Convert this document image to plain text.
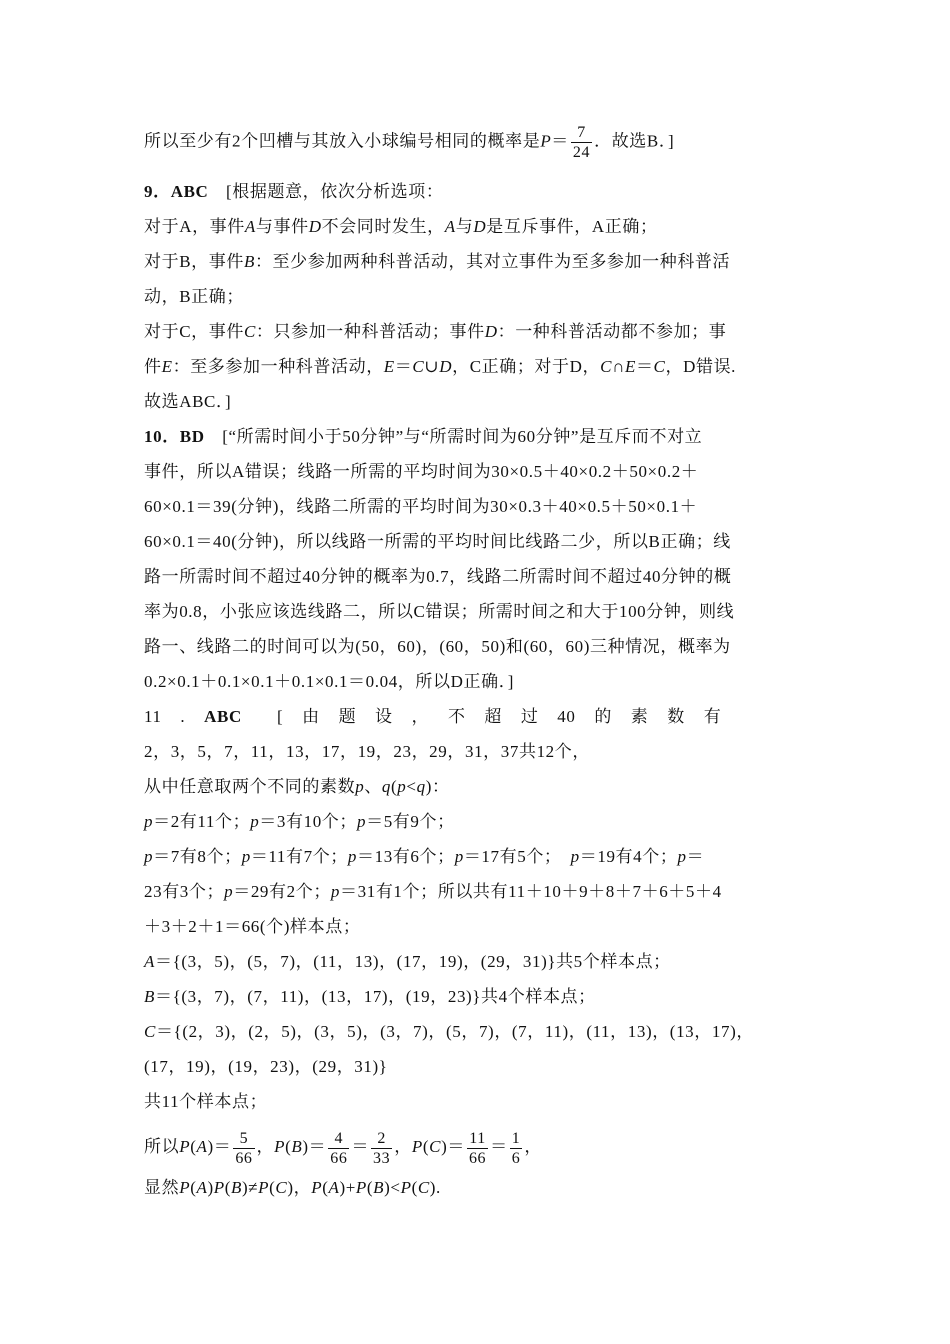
所以至少有2个凹槽与其放入小球编号相同的概率是$P= \frac{7}{24}$ ．故选B．]
9．ABC　[根据题意，依次分析选项：
对于A，事件A与事件D不会同时发生，A与D是互斥事件，A正确；
对于B，事件B：至少参加两种科普活动，其对立事件为至多参加一种科普活
动，B正确；
对于C，事件C：只参加一种科普活动；事件D：一种科普活动都不参加；事
件E：至多参加一种科普活动，E＝C∪D，C正确；对于D，C∩E＝C，D错误.
故选ABC．]
10．BD　[“所需时间小于50分钟”与“所需时间为60分钟”是互斥而不对立
事件，所以A错误；线路一所需的平均时间为30×0.5＋40×0.2＋50×0.2＋
60×0.1＝39(分钟)，线路二所需的平均时间为30×0.3＋40×0.5＋50×0.1＋
60×0.1＝40(分钟)，所以线路一所需的平均时间比线路二少，所以B正确；线
路一所需时间不超过40分钟的概率为0.7，线路二所需时间不超过40分钟的概
率为0.8，小张应该选线路二，所以C错误；所需时间之和大于100分钟，则线
路一、线路二的时间可以为(50，60)，(60，50)和(60，60)三种情况，概率为
0.2×0.1＋0.1×0.1＋0.1×0.1＝0.04，所以D正确．]
11 . ABC　　[ 由 题 设 ， 不 超 过 40 的 素 数 有
2，3，5，7，11，13，17，19，23，29，31，37共12个，
从中任意取两个不同的素数p、q(p<q)：
p＝2有11个；p＝3有10个；p＝5有9个；
p＝7有8个；p＝11有7个；p＝13有6个；p＝17有5个；　p＝19有4个；p＝
23有3个；p＝29有2个；p＝31有1个；所以共有11＋10＋9＋8＋7＋6＋5＋4
＋3＋2＋1＝66(个)样本点；
A＝{(3，5)，(5，7)，(11，13)，(17，19)，(29，31)}共5个样本点；
B＝{(3，7)，(7，11)，(13，17)，(19，23)}共4个样本点；
C＝{(2，3)，(2，5)，(3，5)，(3，7)，(5，7)，(7，11)，(11，13)，(13，17)，
(17，19)，(19，23)，(29，31)}
共11个样本点；
所以$P(A)= \frac{5}{66}$ ，$P(B)= \frac{4}{66} = \frac{2}{33}$ ，$P(C)= \frac{11}{66} = \frac{1}{6}$ ，
显然P(A)P(B)≠P(C)，P(A)+P(B)<P(C).
